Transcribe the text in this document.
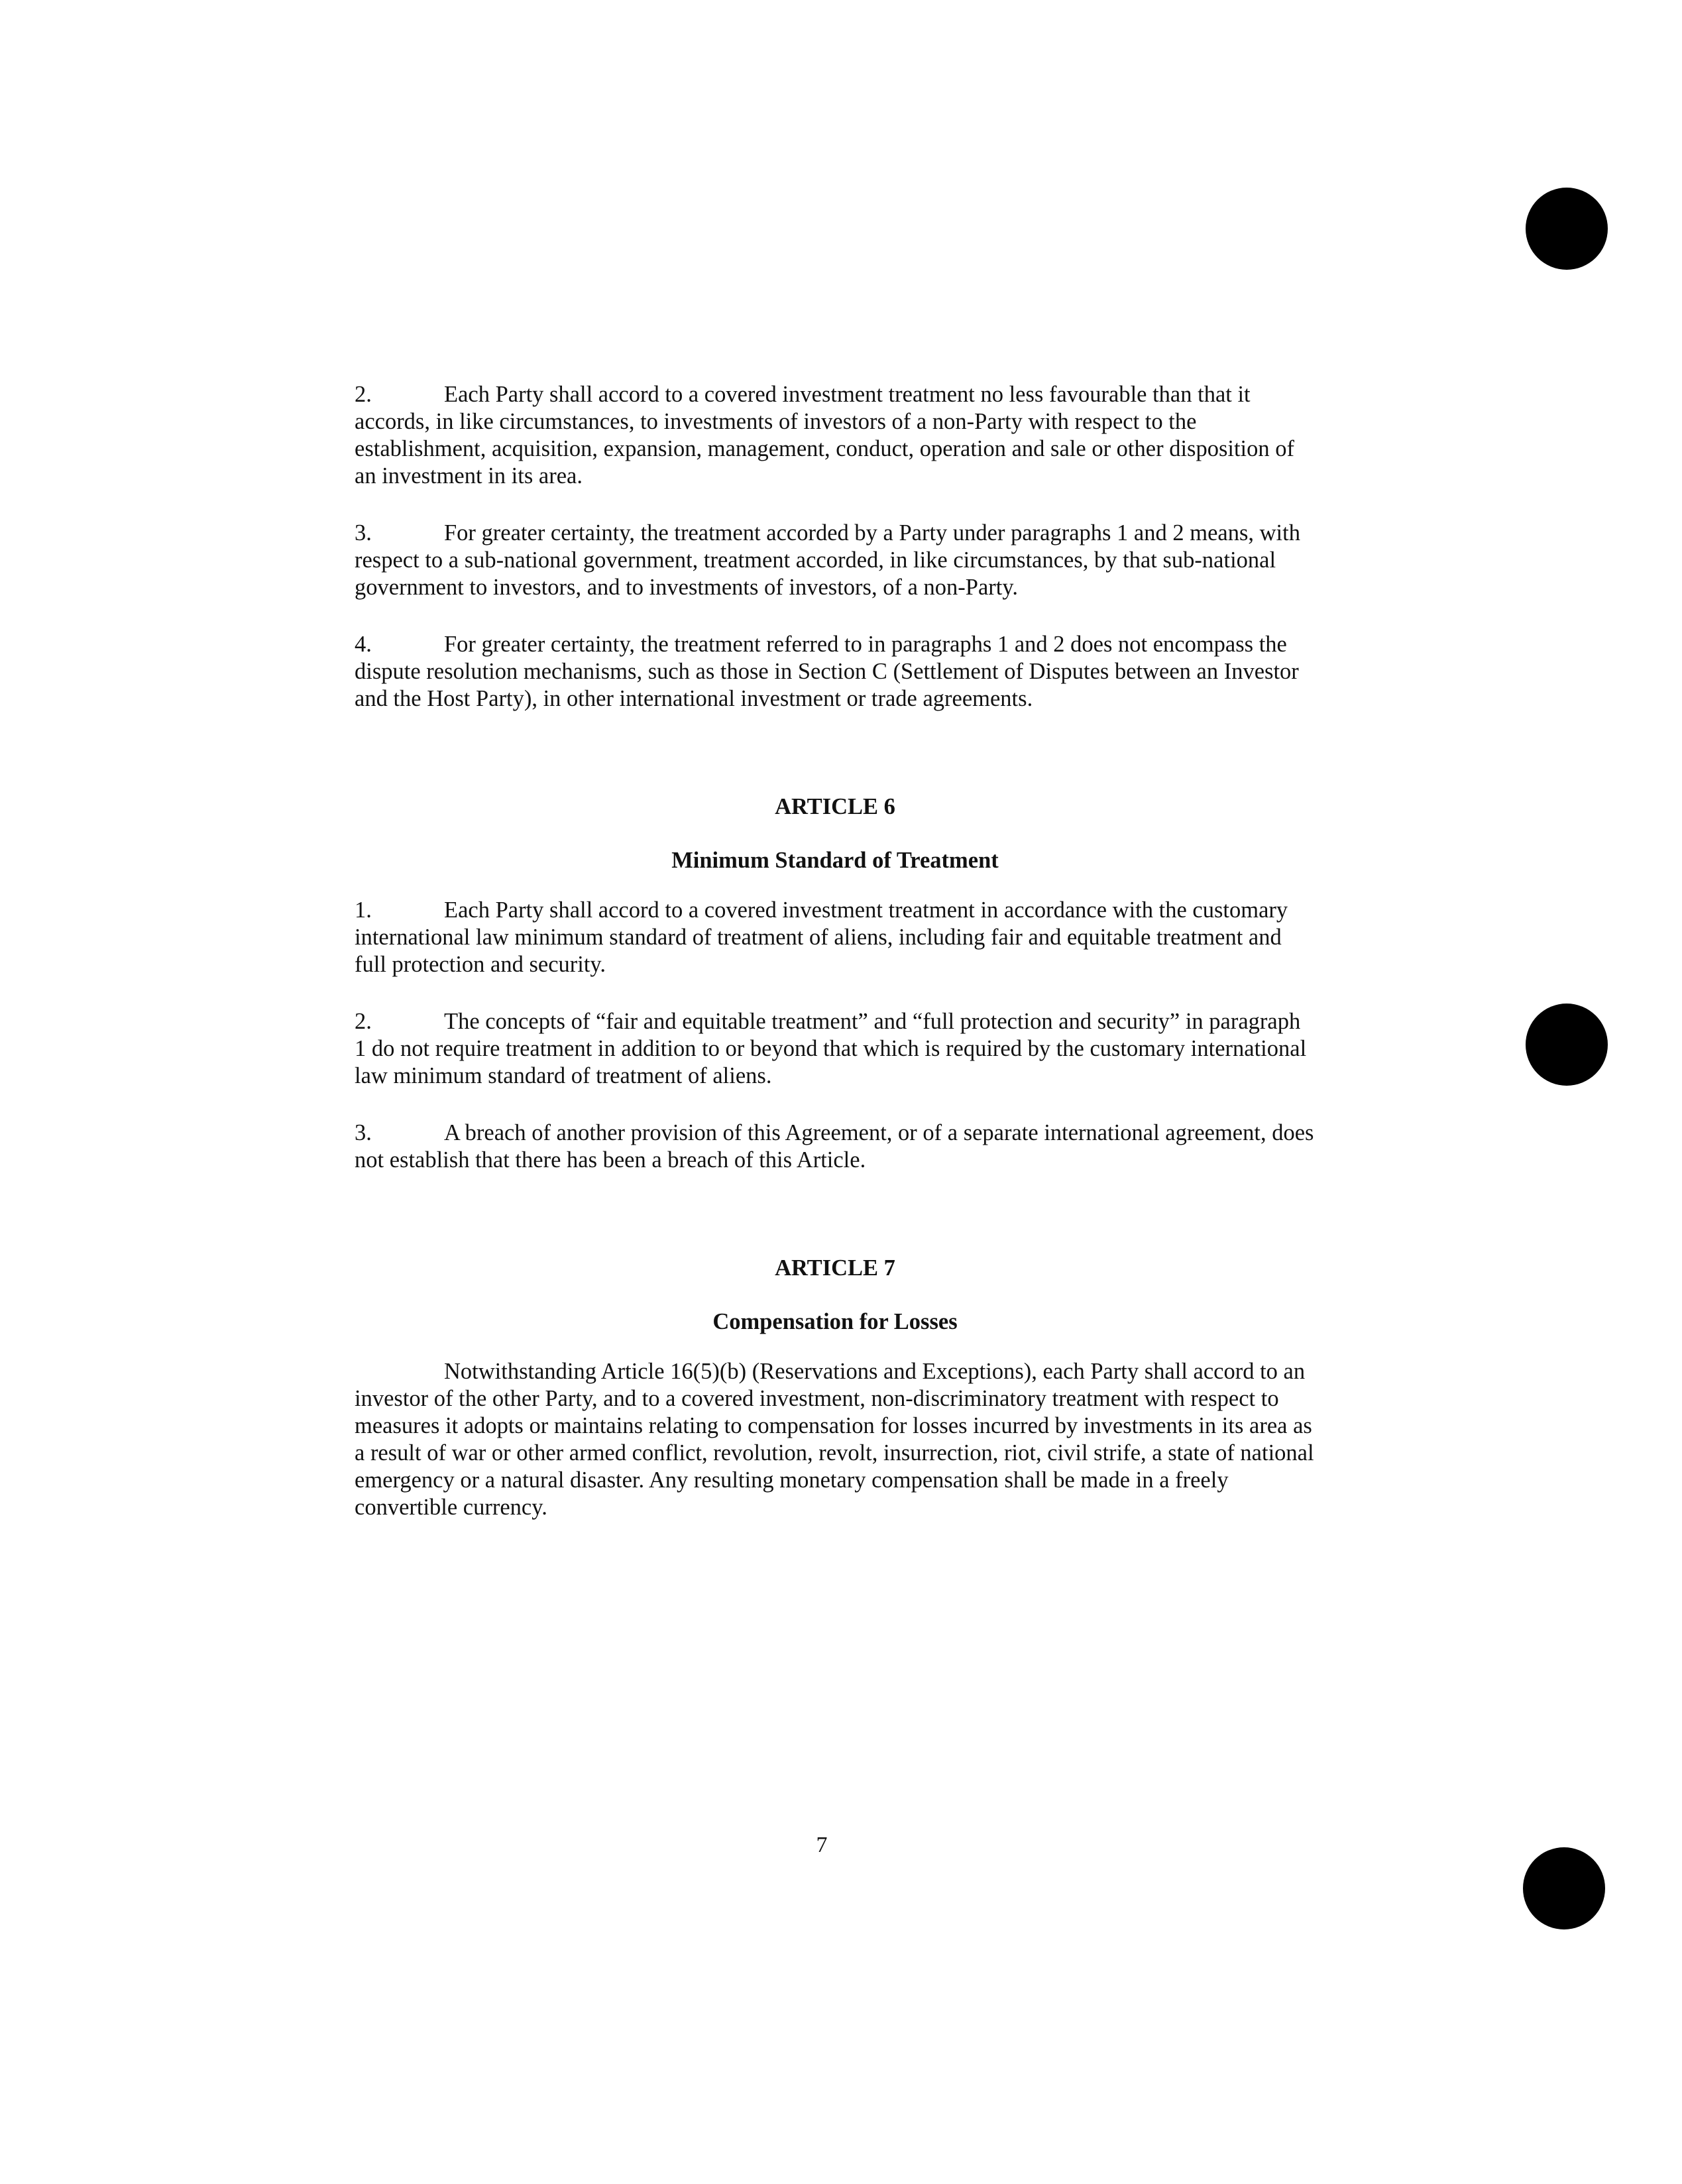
2.	Each Party shall accord to a covered investment treatment no less favourable than that it accords, in like circumstances, to investments of investors of a non-Party with respect to the establishment, acquisition, expansion, management, conduct, operation and sale or other disposition of an investment in its area.

3.	For greater certainty, the treatment accorded by a Party under paragraphs 1 and 2 means, with respect to a sub-national government, treatment accorded, in like circumstances, by that sub-national government to investors, and to investments of investors, of a non-Party.

4.	For greater certainty, the treatment referred to in paragraphs 1 and 2 does not encompass the dispute resolution mechanisms, such as those in Section C (Settlement of Disputes between an Investor and the Host Party), in other international investment or trade agreements.

ARTICLE 6

Minimum Standard of Treatment

1.	Each Party shall accord to a covered investment treatment in accordance with the customary international law minimum standard of treatment of aliens, including fair and equitable treatment and full protection and security.

2.	The concepts of “fair and equitable treatment” and “full protection and security” in paragraph 1 do not require treatment in addition to or beyond that which is required by the customary international law minimum standard of treatment of aliens.

3.	A breach of another provision of this Agreement, or of a separate international agreement, does not establish that there has been a breach of this Article.

ARTICLE 7

Compensation for Losses

Notwithstanding Article 16(5)(b) (Reservations and Exceptions), each Party shall accord to an investor of the other Party, and to a covered investment, non-discriminatory treatment with respect to measures it adopts or maintains relating to compensation for losses incurred by investments in its area as a result of war or other armed conflict, revolution, revolt, insurrection, riot, civil strife, a state of national emergency or a natural disaster. Any resulting monetary compensation shall be made in a freely convertible currency.

7
